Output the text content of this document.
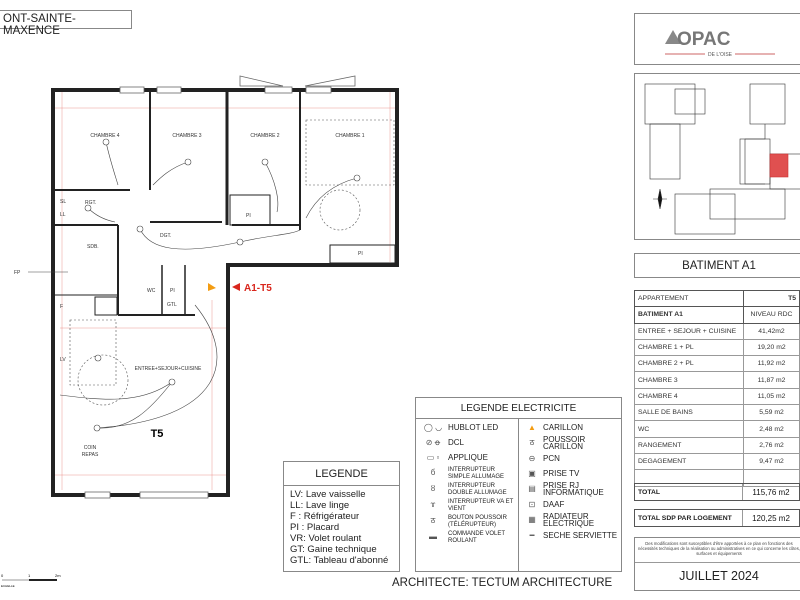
ONT-SAINTE-MAXENCE
CHAMBRE 4	CHAMBRE 3	CHAMBRE 2	CHAMBRE 1
RGT.
DGT.
SDB.
WC	PI
PI
PI
SL
LL
LV
F	GTL
ENTREE+SEJOUR+CUISINE
T5
COIN
REPAS
A1-T5
FP
0	1	2m
ECHELLE
LEGENDE
LV: Lave vaisselle
LL: Lave linge
F : Réfrigérateur
PI : Placard
VR: Volet roulant
GT: Gaine technique
GTL: Tableau d'abonné
LEGENDE ELECTRICITE
◯ ◡ HUBLOT LED
⊘ ꝋ DCL
▭ ▫	APPLIQUE
б	INTERRUPTEUR SIMPLE ALLUMAGE
ȣ	INTERRUPTEUR DOUBLE ALLUMAGE
ɤ	INTERRUPTEUR VA ET VIENT
ठ	BOUTON POUSSOIR (TÉLÉRUPTEUR)
▬	COMMANDE VOLET ROULANT
▲ CARILLON
ठ	POUSSOIR CARILLON
⊖ PCN
▣ PRISE TV
▤ PRISE RJ INFORMATIQUE
⊡ DAAF
▦ RADIATEUR ELECTRIQUE
━	SECHE SERVIETTE
ARCHITECTE: TECTUM ARCHITECTURE
OPAC
DE L'OISE
BATIMENT A1
APPARTEMENT	T5
BATIMENT A1	NIVEAU RDC
ENTREE + SEJOUR + CUISINE	41,42m2
CHAMBRE 1 + PL	19,20 m2
CHAMBRE 2 + PL	11,92 m2
CHAMBRE 3	11,87 m2
CHAMBRE 4	11,05 m2
SALLE DE BAINS	5,59 m2
WC	2,48 m2
RANGEMENT	2,76 m2
DEGAGEMENT	9,47 m2

TOTAL	115,76 m2
TOTAL SDP PAR LOGEMENT	120,25 m2
Des modifications sont susceptibles d'être apportées à ce plan en fonctions des nécessités techniques de la réalisation ou administratives en ce qui concerne les côtes, surfaces et équipements
JUILLET 2024
